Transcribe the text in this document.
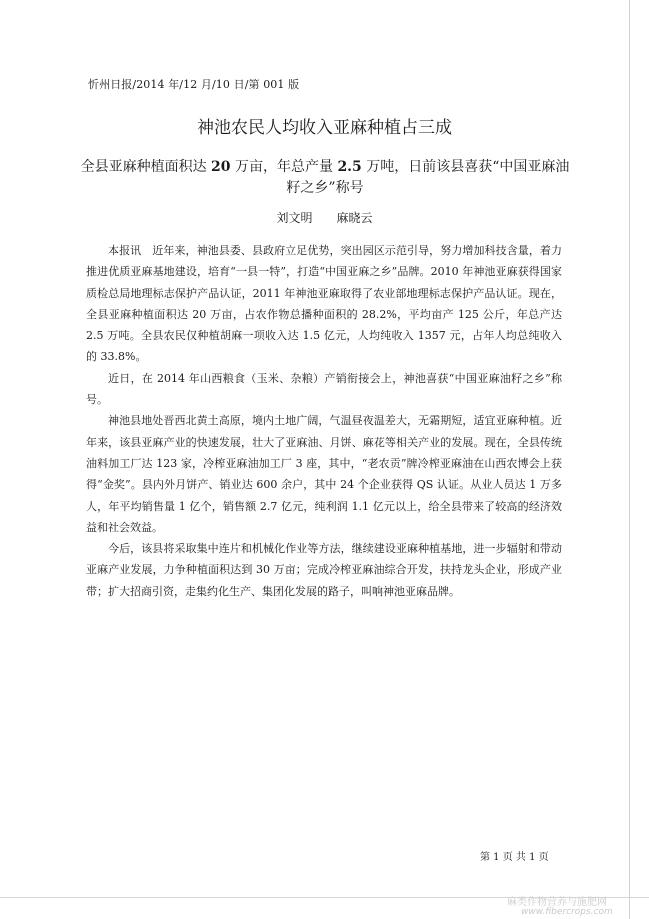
忻州日报/2014 年/12 月/10 日/第 001 版
神池农民人均收入亚麻种植占三成
全县亚麻种植面积达 20 万亩，年总产量 2.5 万吨，日前该县喜获“中国亚麻油籽之乡”称号
刘文明 麻晓云

本报讯　近年来，神池县委、县政府立足优势，突出园区示范引导，努力增加科技含量，着力推进优质亚麻基地建设，培育“一县一特”，打造“中国亚麻之乡”品牌。2010 年神池亚麻获得国家质检总局地理标志保护产品认证，2011 年神池亚麻取得了农业部地理标志保护产品认证。现在，全县亚麻种植面积达 20 万亩，占农作物总播种面积的 28.2%，平均亩产 125 公斤，年总产达 2.5 万吨。全县农民仅种植胡麻一项收入达 1.5 亿元，人均纯收入 1357 元，占年人均总纯收入的 33.8%。

近日，在 2014 年山西粮食（玉米、杂粮）产销衔接会上，神池喜获“中国亚麻油籽之乡”称号。

神池县地处晋西北黄土高原，境内土地广阔，气温昼夜温差大，无霜期短，适宜亚麻种植。近年来，该县亚麻产业的快速发展，壮大了亚麻油、月饼、麻花等相关产业的发展。现在，全县传统油料加工厂达 123 家，冷榨亚麻油加工厂 3 座，其中，“老农贡”牌冷榨亚麻油在山西农博会上获得“金奖”。县内外月饼产、销业达 600 余户，其中 24 个企业获得 QS 认证。从业人员达 1 万多人，年平均销售量 1 亿个，销售额 2.7 亿元，纯利润 1.1 亿元以上，给全县带来了较高的经济效益和社会效益。

今后，该县将采取集中连片和机械化作业等方法，继续建设亚麻种植基地，进一步辐射和带动亚麻产业发展，力争种植面积达到 30 万亩；完成冷榨亚麻油综合开发，扶持龙头企业，形成产业带；扩大招商引资，走集约化生产、集团化发展的路子，叫响神池亚麻品牌。

第 1 页 共 1 页
麻类作物营养与施肥网
www.fibercrops.com
